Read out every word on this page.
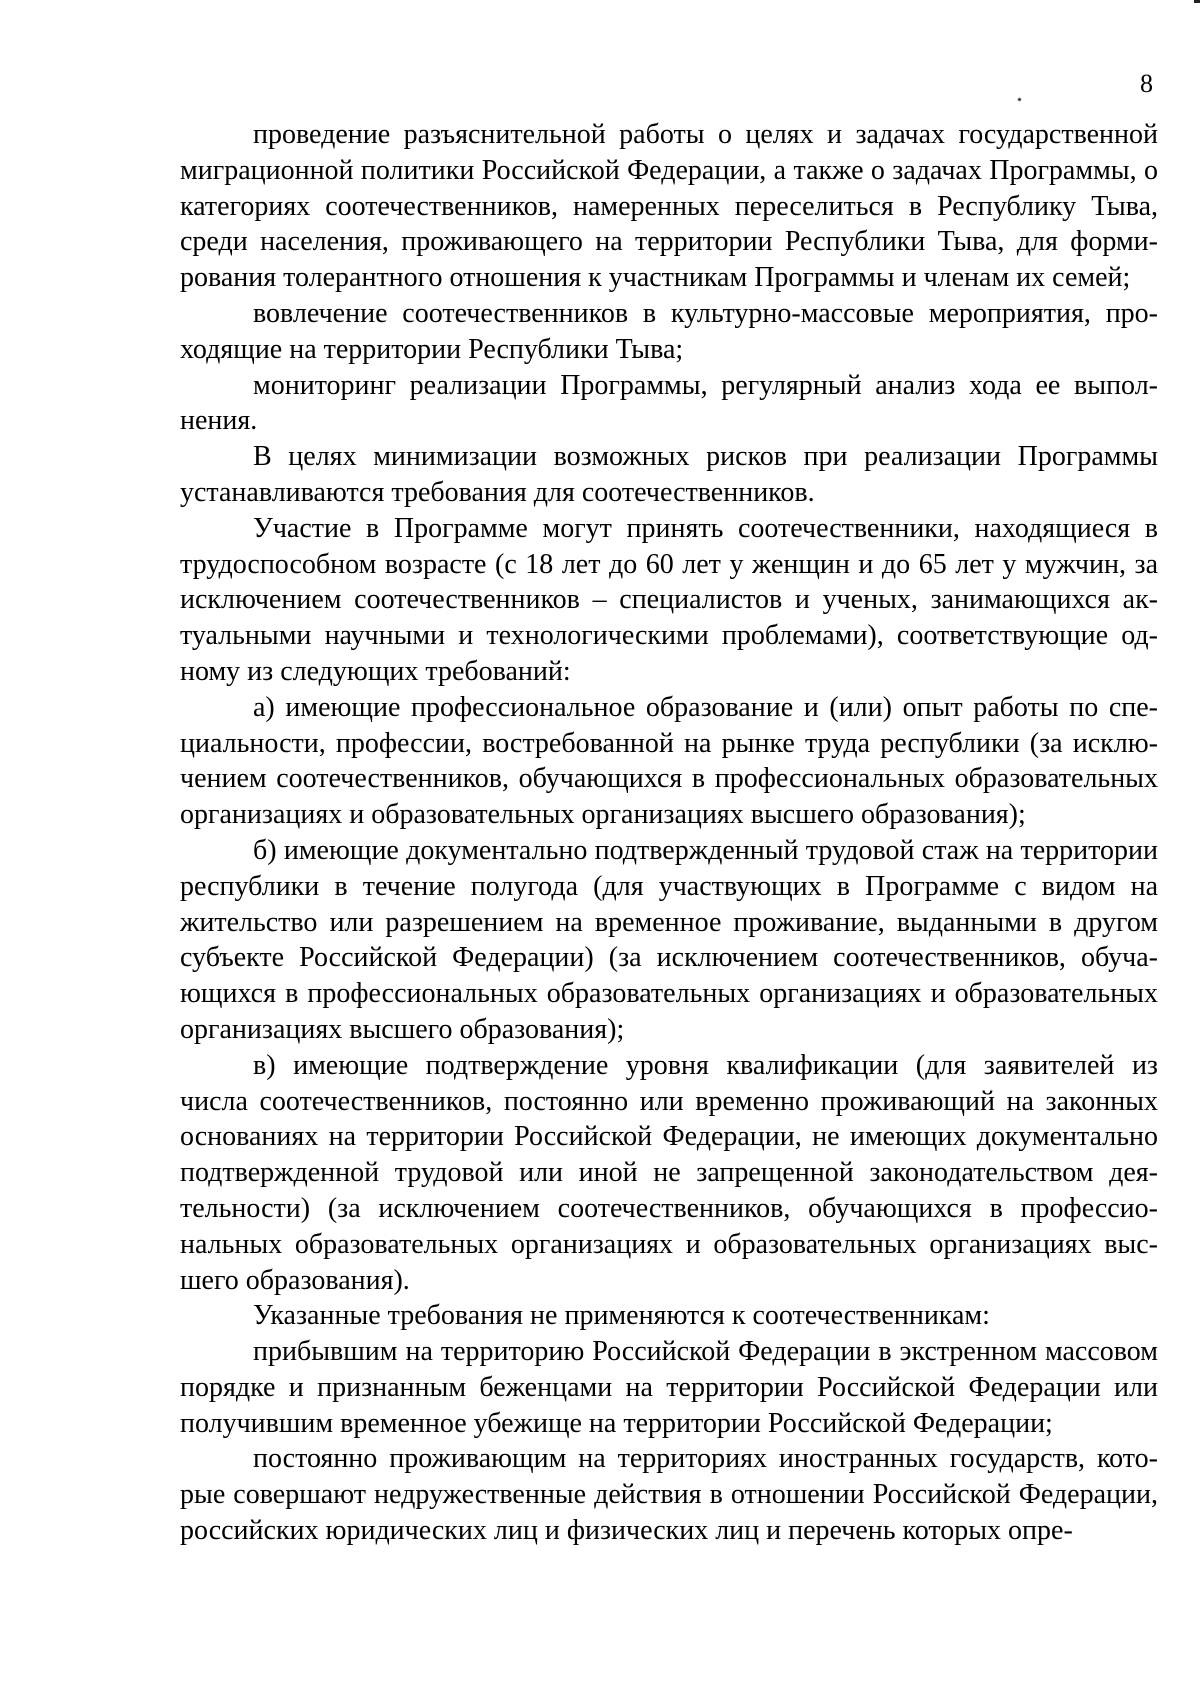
8

проведение разъяснительной работы о целях и задачах государственной миграционной политики Российской Федерации, а также о задачах Программы, о категориях соотечественников, намеренных переселиться в Республику Тыва, среди населения, проживающего на территории Республики Тыва, для формирования толерантного отношения к участникам Программы и членам их семей;

вовлечение соотечественников в культурно-массовые мероприятия, проходящие на территории Республики Тыва;

мониторинг реализации Программы, регулярный анализ хода ее выполнения.

В целях минимизации возможных рисков при реализации Программы устанавливаются требования для соотечественников.

Участие в Программе могут принять соотечественники, находящиеся в трудоспособном возрасте (с 18 лет до 60 лет у женщин и до 65 лет у мужчин, за исключением соотечественников – специалистов и ученых, занимающихся актуальными научными и технологическими проблемами), соответствующие одному из следующих требований:

а) имеющие профессиональное образование и (или) опыт работы по специальности, профессии, востребованной на рынке труда республики (за исключением соотечественников, обучающихся в профессиональных образовательных организациях и образовательных организациях высшего образования);

б) имеющие документально подтвержденный трудовой стаж на территории республики в течение полугода (для участвующих в Программе с видом на жительство или разрешением на временное проживание, выданными в другом субъекте Российской Федерации) (за исключением соотечественников, обучающихся в профессиональных образовательных организациях и образовательных организациях высшего образования);

в) имеющие подтверждение уровня квалификации (для заявителей из числа соотечественников, постоянно или временно проживающий на законных основаниях на территории Российской Федерации, не имеющих документально подтвержденной трудовой или иной не запрещенной законодательством деятельности) (за исключением соотечественников, обучающихся в профессиональных образовательных организациях и образовательных организациях высшего образования).

Указанные требования не применяются к соотечественникам:

прибывшим на территорию Российской Федерации в экстренном массовом порядке и признанным беженцами на территории Российской Федерации или получившим временное убежище на территории Российской Федерации;

постоянно проживающим на территориях иностранных государств, которые совершают недружественные действия в отношении Российской Федерации, российских юридических лиц и физических лиц и перечень которых опре-
